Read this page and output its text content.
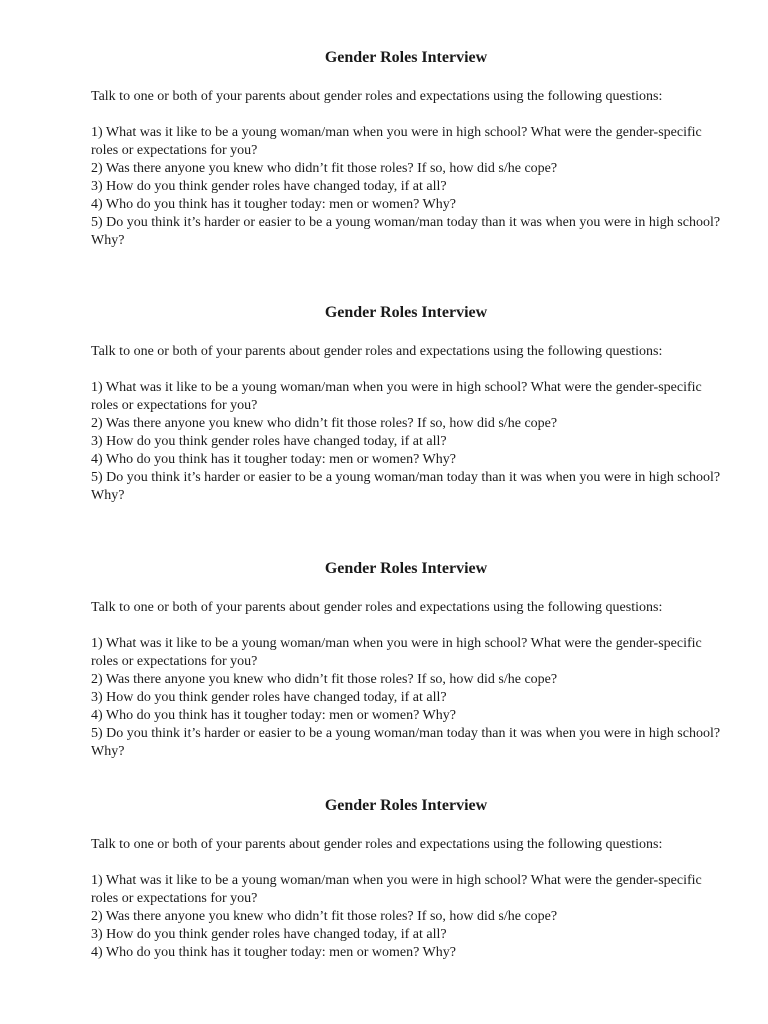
Gender Roles Interview

Talk to one or both of your parents about gender roles and expectations using the following questions:

1) What was it like to be a young woman/man when you were in high school? What were the gender-specific roles or expectations for you?
2) Was there anyone you knew who didn’t fit those roles? If so, how did s/he cope?
3) How do you think gender roles have changed today, if at all?
4) Who do you think has it tougher today: men or women? Why?
5) Do you think it’s harder or easier to be a young woman/man today than it was when you were in high school? Why?
Gender Roles Interview

Talk to one or both of your parents about gender roles and expectations using the following questions:

1) What was it like to be a young woman/man when you were in high school? What were the gender-specific roles or expectations for you?
2) Was there anyone you knew who didn’t fit those roles? If so, how did s/he cope?
3) How do you think gender roles have changed today, if at all?
4) Who do you think has it tougher today: men or women? Why?
5) Do you think it’s harder or easier to be a young woman/man today than it was when you were in high school? Why?
Gender Roles Interview

Talk to one or both of your parents about gender roles and expectations using the following questions:

1) What was it like to be a young woman/man when you were in high school? What were the gender-specific roles or expectations for you?
2) Was there anyone you knew who didn’t fit those roles? If so, how did s/he cope?
3) How do you think gender roles have changed today, if at all?
4) Who do you think has it tougher today: men or women? Why?
5) Do you think it’s harder or easier to be a young woman/man today than it was when you were in high school? Why?
Gender Roles Interview

Talk to one or both of your parents about gender roles and expectations using the following questions:

1) What was it like to be a young woman/man when you were in high school? What were the gender-specific roles or expectations for you?
2) Was there anyone you knew who didn’t fit those roles? If so, how did s/he cope?
3) How do you think gender roles have changed today, if at all?
4) Who do you think has it tougher today: men or women? Why?
